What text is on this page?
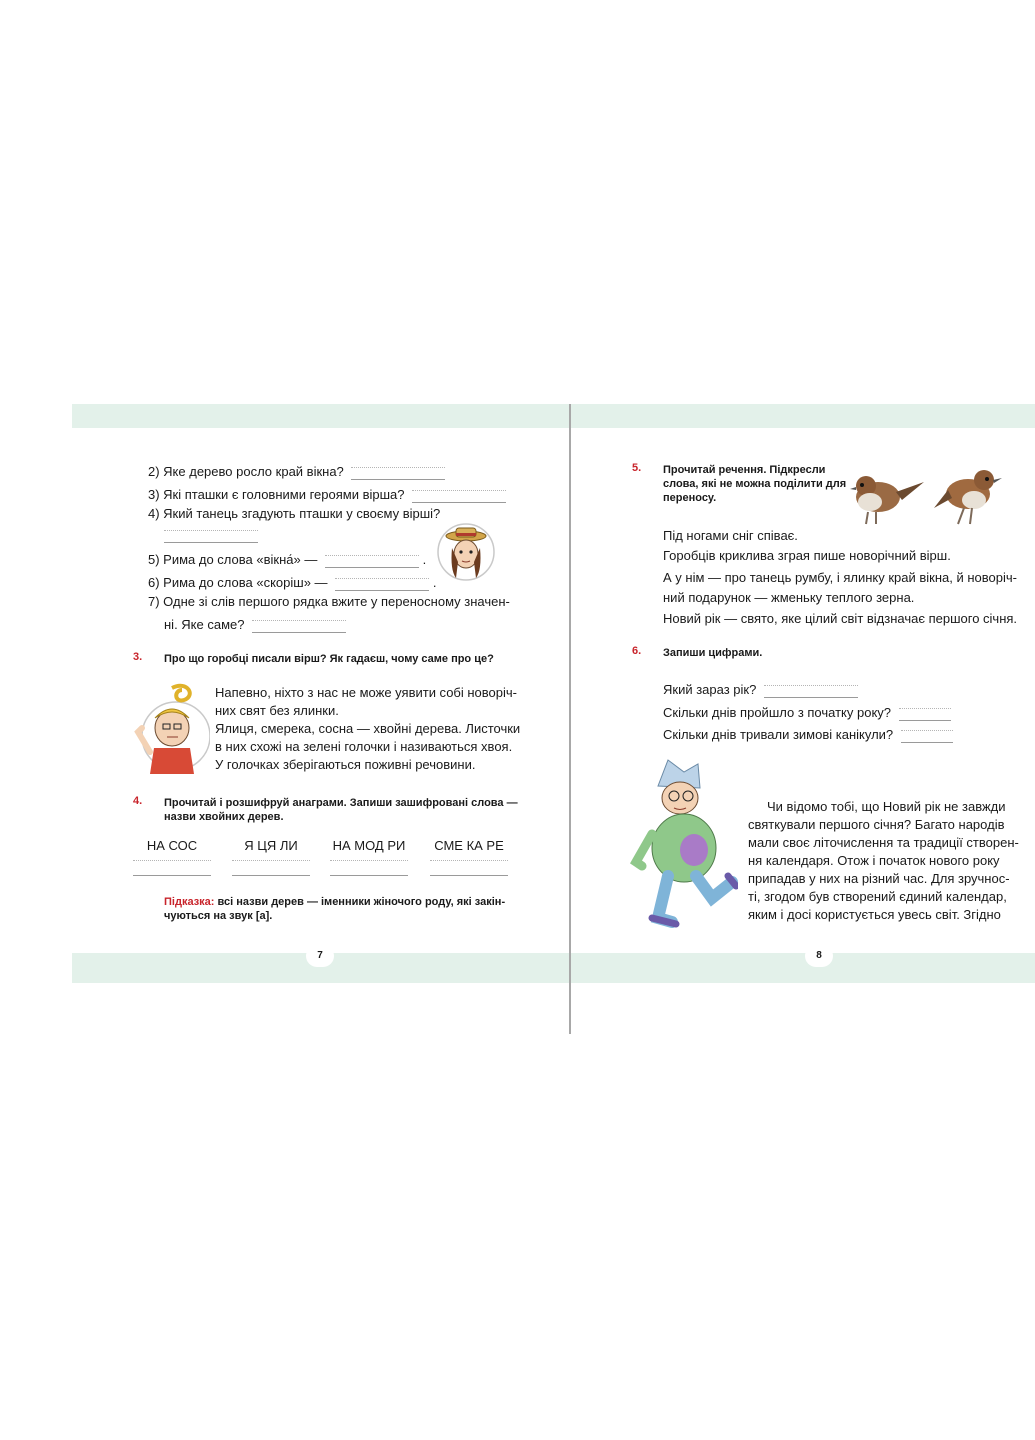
2) Яке дерево росло край вікна?
3) Які пташки є головними героями вірша?
4) Який танець згадують пташки у своєму вірші?
5) Рима до слова «вікна́» —	.
6) Рима до слова «скоріш» —	.
7) Одне зі слів першого рядка вжите у переносному значен-
ні. Яке саме?
3. Про що горобці писали вірш? Як гадаєш, чому саме про це?
Напевно, ніхто з нас не може уявити собі новоріч-
них свят без ялинки.
Ялиця, смерека, сосна — хвойні дерева. Листочки
в них схожі на зелені голочки і називаються хвоя.
У голочках зберігаються поживні речовини.
4. Прочитай і розшифруй анаграми. Запиши зашифровані слова —
назви хвойних дерев.
НА СОС	Я ЦЯ ЛИ	НА МОД РИ	СМЕ КА РЕ
Підказка: всі назви дерев — іменники жіночого роду, які закін-
чуються на звук [а].
7
5. Прочитай речення. Підкресли
слова, які не можна поділити для
переносу.
Під ногами сніг співає.
Горобців крикливa зграя пише новорічний вірш.
А у нім — про танець румбу, і ялинку край вікна, й новоріч-
ний подарунок — жменьку теплого зерна.
Новий рік — свято, яке цілий світ відзначає першого січня.
6. Запиши цифрами.
Який зараз рік?
Скільки днів пройшло з початку року?
Скільки днів тривали зимові канікули?
Чи відомо тобі, що Новий рік не завжди
святкували першого січня? Багато народів
мали своє літочислення та традиції створен-
ня календаря. Отож і початок нового року
припадав у них на різний час. Для зручнос-
ті, згодом був створений єдиний календар,
яким і досі користується увесь світ. Згідно
8
